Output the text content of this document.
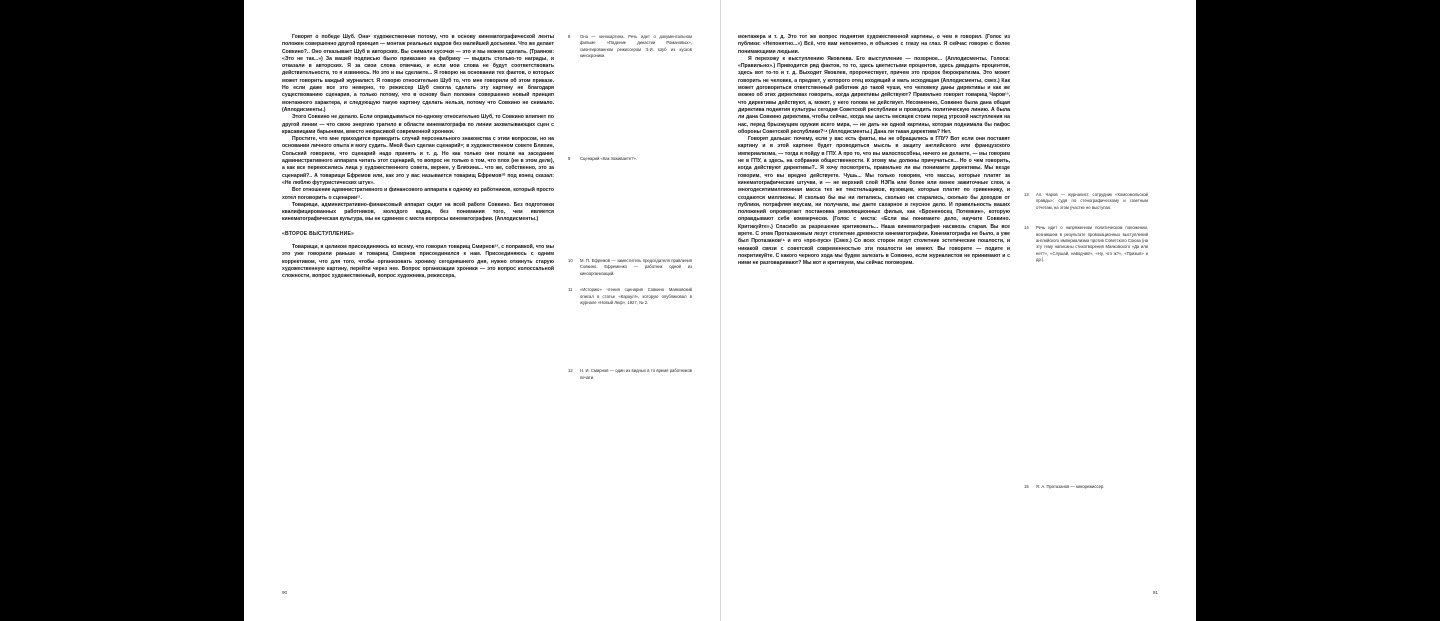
Говорят о победе Шуб. Она⁸ художественная потому, что в основу кинематографической ленты положен совершенно другой принцип — монтаж реальных кадров без малейшей досъемки. Что же делает Совкино?.. Оно отказывает Шуб в авторских. Вы снимали кусочки — это и мы можем сделать. (Траянов: «Это не так...») За вашей подписью было приказано на фабрику — выдать столько-то награды, и отказали в авторских. Я за свои слова отвечаю, и если мои слова не будут соответствовать действительности, то я извинюсь. Но это и вы сделаете... Я говорю на основании тех фактов, о которых может говорить каждый журналист. Я говорю относительно Шуб то, что мне говорили об этом приказе. Но если даже все это неверно, то режиссер Шуб смогла сделать эту картину не благодаря существованию сценария, а только потому, что в основу был положен совершенно новый принцип монтажного характера, и следующую такую картину сделать нельзя, потому что Совкино не снимало. (Аплодисменты.)

Этого Совкино не делало. Если оправдываться по-одному относительно Шуб, то Совкино влипнет по другой линии — что свою энергию тратило в области кинематографа по линии захватывающих сцен с красавицами барынями, вместо некрасивой современной хроники.

Простите, что мне приходится приводить случай персонального знакомства с этим вопросом, но на основании личного опыта я могу судить. Мной был сделан сценарий⁹; в художественном совете Бляхин, Сольский говорили, что сценарий надо принять и т. д. Но как только они пошли на заседание административного аппарата читать этот сценарий, то вопрос не только о том, что плох (не в этом деле), а как все перекосились лица у художественного совета, вернее, у Бляхина... что же, собственно, это за сценарий?.. А товарищи Ефремов или, как это у вас называется товарищ Ефремов¹⁰ под конец сказал: «Не люблю футуристических штук».

Вот отношение административного и финансового аппарата к одному из работников, который просто хотел поговорить о сценарии¹¹.

Товарищи, административно-финансовый аппарат сидит на всей работе Совкино. Без подготовки квалифицированных работников, молодого кадра, без понимания того, чем является кинематографическая культура, мы не сдвинем с места вопросы кинематографии. (Аплодисменты.)

«ВТОРОЕ ВЫСТУПЛЕНИЕ»

Товарищи, я целиком присоединяюсь ко всему, что говорил товарищ Смирнов¹², с поправкой, что мы это уже говорили раньше и товарищ Смирнов присоединился к нам. Присоединяюсь с одним коррективом, что для того, чтобы организовать хронику сегодняшнего дня, нужно откинуть старую художественную картину, перейти через нее. Вопрос организации хроники — это вопрос колоссальной сложности, вопрос художественный, вопрос художника, режиссера,

8	Она — кинокартина. Речь идет о документальном фильме «Падение династии Романовых», смонтированном режиссером Э.И. Шуб из кусков кинохроники.
9	Сценарий «Как поживаете?».
10	М. П. Ефремов — заместитель председателя правления Совкино. Ефременко — работник одной из киноорганизаций.
11	«Историю» чтения сценария Совкино Маяковский описал в статье «Караул!», которую опубликовал в журнале «Новый Леф», 1927, № 2.
12	Н. И. Смирнов — один из видных в то время работников печати.
90

монтажера и т. д. Это тот же вопрос поднятия художественной картины, о чем я говорил. (Голос из публики: «Непонятно...») Всё, что вам непонятно, я объясню с глазу на глаз. Я сейчас говорю с более понимающими людьми.

Я перехожу к выступлению Яковлева. Его выступление — позорное... (Аплодисменты. Голоса: «Правильно».) Приводится ряд фактов, то то, здесь цветистыми процентов, здесь двадцать процентов, здесь вот то-то и т. д. Выходит Яковлев, пророчествует, причем это пророк бюрократизма. Это может говорить не человек, а предмет, у которого отец входящий и мать исходящая (Аплодисменты, смех.) Как может договориться ответственный работник до такой чуши, что человеку даны директивы и как же можно об этих директивах говорить, когда директивы действуют? Правильно говорит товарищ Чаров¹³, что директивы действуют, а, может, у него голова не действует. Несомненно, Совкино была дана общая директива поднятия культуры сегодня Советской республики и проводить политическую линию. А была ли дана Совкино директива, чтобы сейчас, когда мы шесть месяцев стоим перед угрозой наступления на нас, перед брызжущим оружия всего мира, — не дать ни одной картины, которая поднимала бы пафос обороны Советской республики?¹⁴ (Аплодисменты.) Дана ли такая директива? Нет.

Говорят дальше: почему, если у вас есть факты, вы не обращались в ГПУ? Вот если они поставят картину и в этой картине будет проводиться мысль в защиту английского или французского империализма, — тогда я пойду в ГПУ. А про то, что вы малоспособны, ничего не делаете, — мы говорим не в ГПУ, а здесь, на собрании общественности. К этому мы должны причучаться... Но о чем говорить, когда действуют директивы?.. Я хочу посмотреть, правильно ли вы понимаете директивы. Мы везде говорим, что вы вредно действуете. Чушь... Мы только говорим, что массы, которые платят за кинематографические штучки, и — не верхний слой НЭПа или более или менее зажиточные слои, а многодесятимиллионная масса тех же текстильщиков, вузовцев, которые платят по гривеннику, и создаются миллионы. И сколько бы вы ни питались, сколько ни старались, сколько бы доходов от публики, потрафляя вкусам, ни получали, вы даете сахарное и гнусное дело. И правильность ваших положений опровергает постановка революционных фильм, как «Броненосец Потемкин», которую оправдывают себя коммерчески. (Голос с места: «Если вы понимаете дело, научите Совкино. Критикуйте».) Спасибо за разрешение критиковать... Наша кинематография насквозь старая. Вы все врете. С этим Протазановым лезут столетние древности кинематографии. Кинематографа не было, а уже был Протазанов¹⁵ и его «про-пуск» (Смех.) Со всех сторон лезут столетние эстетические пошлости, и никакой связи с советской современностью эти пошлости ни имеют. Вы говорите — подите и покритикуйте. С какого черного хода мы будем залезать в Совкино, если журналистов не принимают и с ними не разговаривают? Мы вот и критикуем, мы сейчас поговорим.

13	Ал. Чаров — журналист, сотрудник «Комсомольской правды»; судя по стенографическому и газетным отчетам, на этом участке не выступал.
14	Речь идет о напряженном политическом положении, возникшем в результате провокационных выступлений английского империализма против Советского Союза (на эту тему написаны стихотворения Маяковского «Да или нет?», «Слушай, наводчик!», «Ну, что ж?», «Призыв» и др.).
15	Я. А. Протазанов — кинорежиссер.
91
